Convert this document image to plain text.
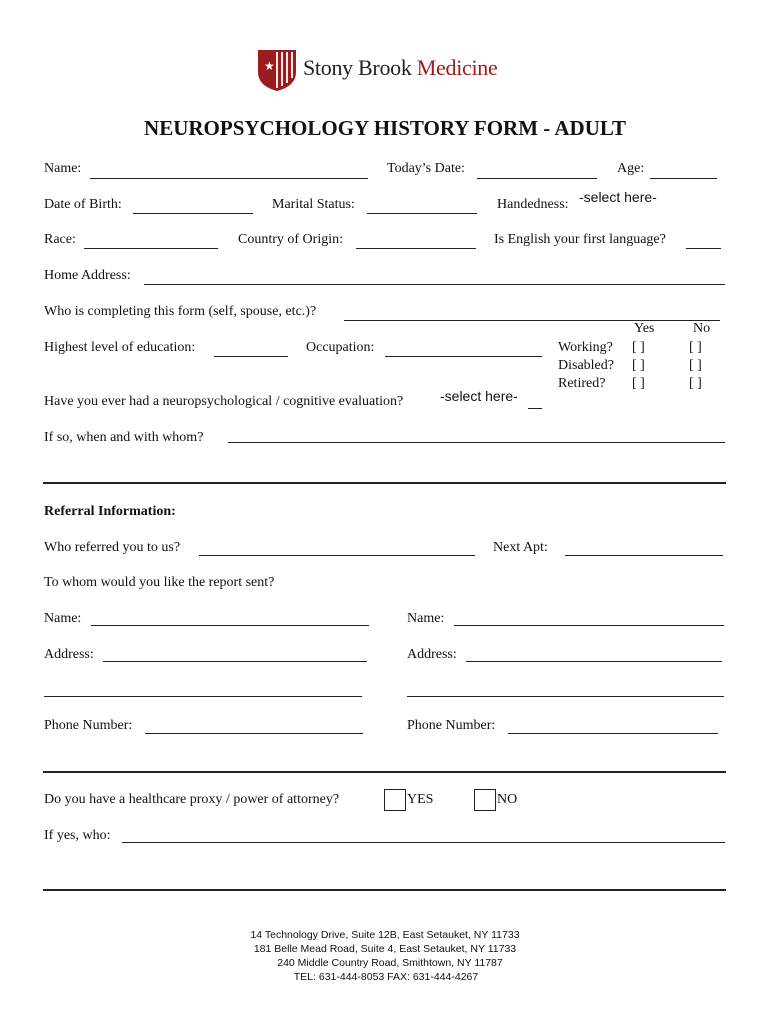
★ Stony Brook Medicine
NEUROPSYCHOLOGY HISTORY FORM - ADULT
Name:	Today’s Date:	Age:
Date of Birth:	Marital Status:	Handedness: -select here-
Race:	Country of Origin:	Is English your first language?
Home Address:
Who is completing this form (self, spouse, etc.)?
Yes	No
Highest level of education:	Occupation:	Working? [ ]	[ ]
Disabled? [ ]	[ ]
Retired? [ ]	[ ]
Have you ever had a neuropsychological / cognitive evaluation?	-select here-
If so, when and with whom?
Referral Information:
Who referred you to us?	Next Apt:
To whom would you like the report sent?
Name:	Name:
Address:	Address:
Phone Number:	Phone Number:
Do you have a healthcare proxy / power of attorney?	YES	NO
If yes, who:
14 Technology Drive, Suite 12B, East Setauket, NY 11733
181 Belle Mead Road, Suite 4, East Setauket, NY 11733
240 Middle Country Road, Smithtown, NY 11787
TEL: 631-444-8053 FAX: 631-444-4267
